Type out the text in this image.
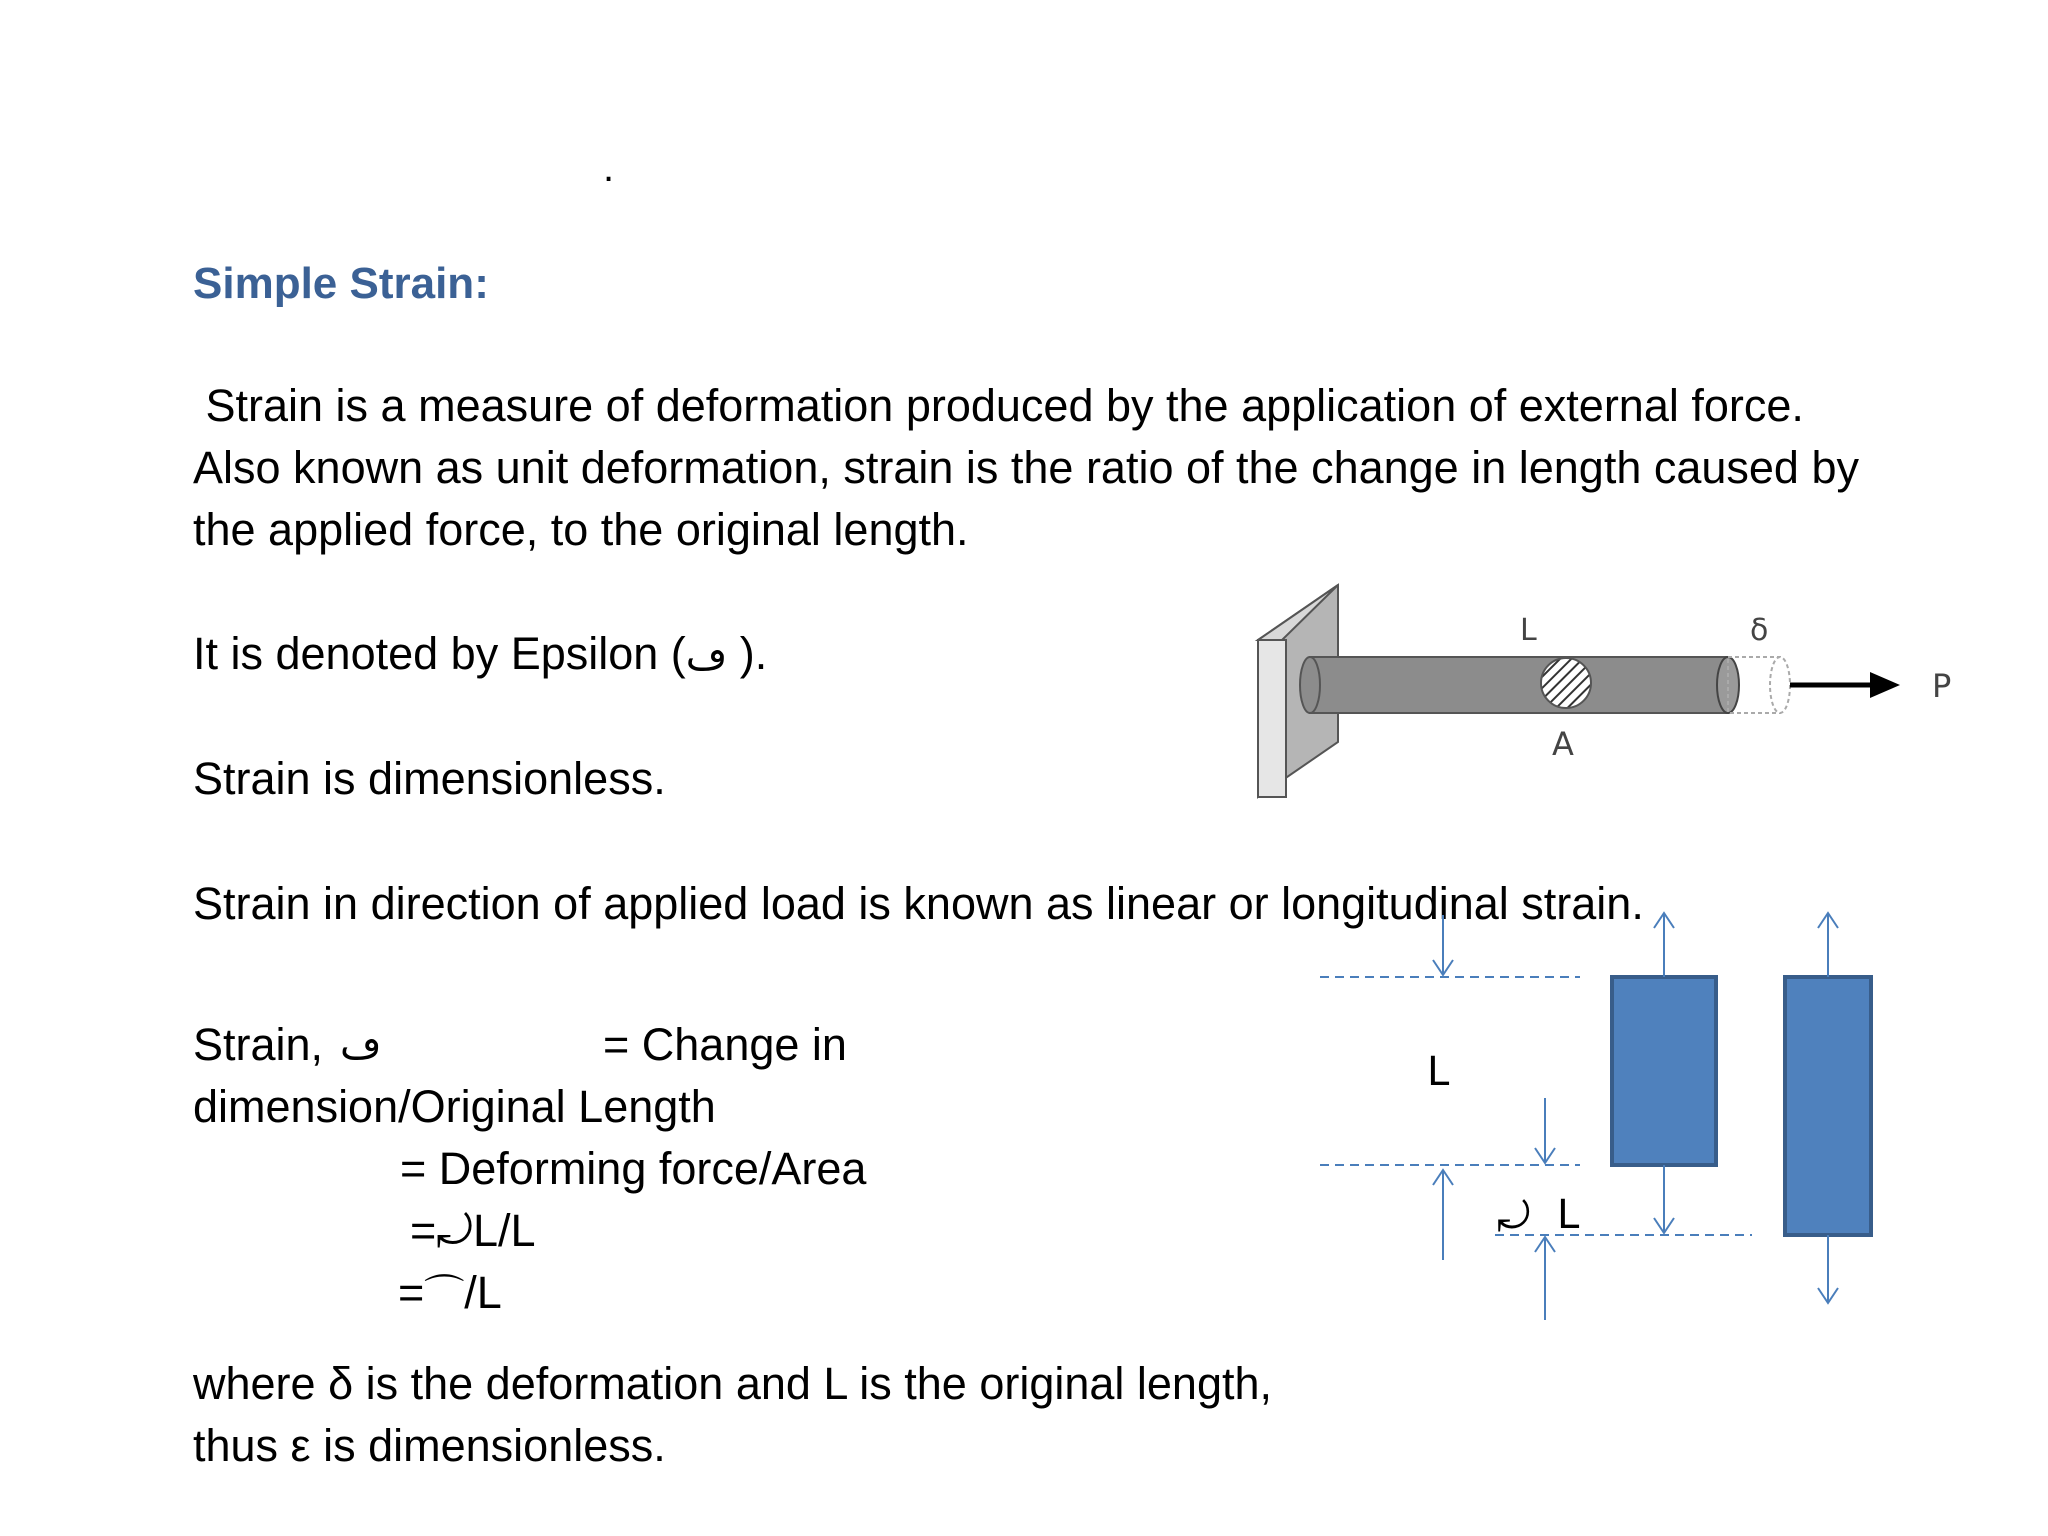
.
Simple Strain:
Strain is a measure of deformation produced by the application of external force.
Also known as unit deformation, strain is the ratio of the change in length caused by
the applied force, to the original length.
It is denoted by Epsilon (ڡ ).
Strain is dimensionless.
Strain in direction of applied load is known as linear or longitudinal strain.
Strain, ڡ	= Change in
dimension/Original Length
= Deforming force/Area
=⤾L/L
=⌒/L
where δ is the deformation and L is the original length,
thus ε is dimensionless.
L	δ
P
A
L
⤾ L
